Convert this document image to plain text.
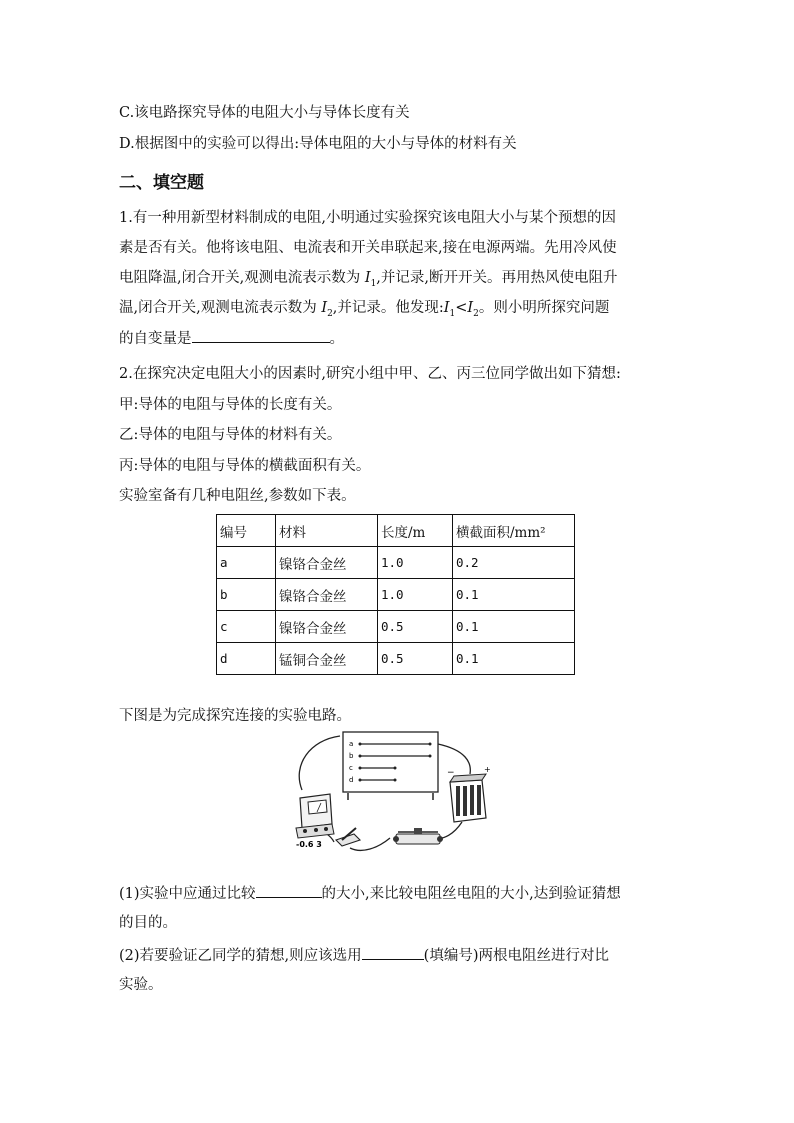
C.该电路探究导体的电阻大小与导体长度有关
D.根据图中的实验可以得出:导体电阻的大小与导体的材料有关
二、填空题
1.有一种用新型材料制成的电阻,小明通过实验探究该电阻大小与某个预想的因
素是否有关。他将该电阻、电流表和开关串联起来,接在电源两端。先用冷风使
电阻降温,闭合开关,观测电流表示数为 $I_1$,并记录,断开开关。再用热风使电阻升
温,闭合开关,观测电流表示数为 $I_2$,并记录。他发现$:I_1<I_2$。则小明所探究问题
的自变量是	。
2.在探究决定电阻大小的因素时,研究小组中甲、乙、丙三位同学做出如下猜想:
甲:导体的电阻与导体的长度有关。
乙:导体的电阻与导体的材料有关。
丙:导体的电阻与导体的横截面积有关。
实验室备有几种电阻丝,参数如下表。
编号	材料	长度/m	横截面积/mm²
a	镍铬合金丝	1.0	0.2
b	镍铬合金丝	1.0	0.1
c	镍铬合金丝	0.5	0.1
d	锰铜合金丝	0.5	0.1
下图是为完成探究连接的实验电路。
a
b
c
d
-0.6 3
−	+
(1)实验中应通过比较	的大小,来比较电阻丝电阻的大小,达到验证猜想
的目的。
(2)若要验证乙同学的猜想,则应该选用	(填编号)两根电阻丝进行对比
实验。
